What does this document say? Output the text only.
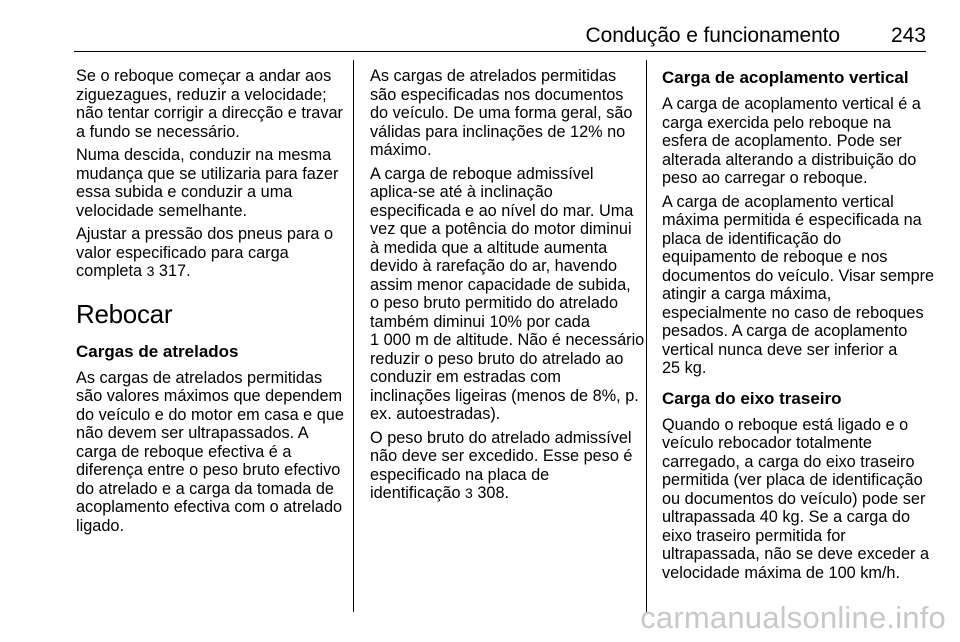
Condução e funcionamento 243

Se o reboque começar a andar aos
ziguezagues, reduzir a velocidade;
não tentar corrigir a direcção e travar
a fundo se necessário.

Numa descida, conduzir na mesma
mudança que se utilizaria para fazer
essa subida e conduzir a uma
velocidade semelhante.

Ajustar a pressão dos pneus para o
valor especificado para carga
completa 3 317.

Rebocar
Cargas de atrelados

As cargas de atrelados permitidas
são valores máximos que dependem
do veículo e do motor em casa e que
não devem ser ultrapassados. A
carga de reboque efectiva é a
diferença entre o peso bruto efectivo
do atrelado e a carga da tomada de
acoplamento efectiva com o atrelado
ligado.

As cargas de atrelados permitidas
são especificadas nos documentos
do veículo. De uma forma geral, são
válidas para inclinações de 12% no
máximo.

A carga de reboque admissível
aplica-se até à inclinação
especificada e ao nível do mar. Uma
vez que a potência do motor diminui
à medida que a altitude aumenta
devido à rarefação do ar, havendo
assim menor capacidade de subida,
o peso bruto permitido do atrelado
também diminui 10% por cada
1 000 m de altitude. Não é necessário
reduzir o peso bruto do atrelado ao
conduzir em estradas com
inclinações ligeiras (menos de 8%, p.
ex. autoestradas).

O peso bruto do atrelado admissível
não deve ser excedido. Esse peso é
especificado na placa de
identificação 3 308.

Carga de acoplamento vertical

A carga de acoplamento vertical é a
carga exercida pelo reboque na
esfera de acoplamento. Pode ser
alterada alterando a distribuição do
peso ao carregar o reboque.

A carga de acoplamento vertical
máxima permitida é especificada na
placa de identificação do
equipamento de reboque e nos
documentos do veículo. Visar sempre
atingir a carga máxima,
especialmente no caso de reboques
pesados. A carga de acoplamento
vertical nunca deve ser inferior a
25 kg.

Carga do eixo traseiro

Quando o reboque está ligado e o
veículo rebocador totalmente
carregado, a carga do eixo traseiro
permitida (ver placa de identificação
ou documentos do veículo) pode ser
ultrapassada 40 kg. Se a carga do
eixo traseiro permitida for
ultrapassada, não se deve exceder a
velocidade máxima de 100 km/h.

carmanualsonline.info
